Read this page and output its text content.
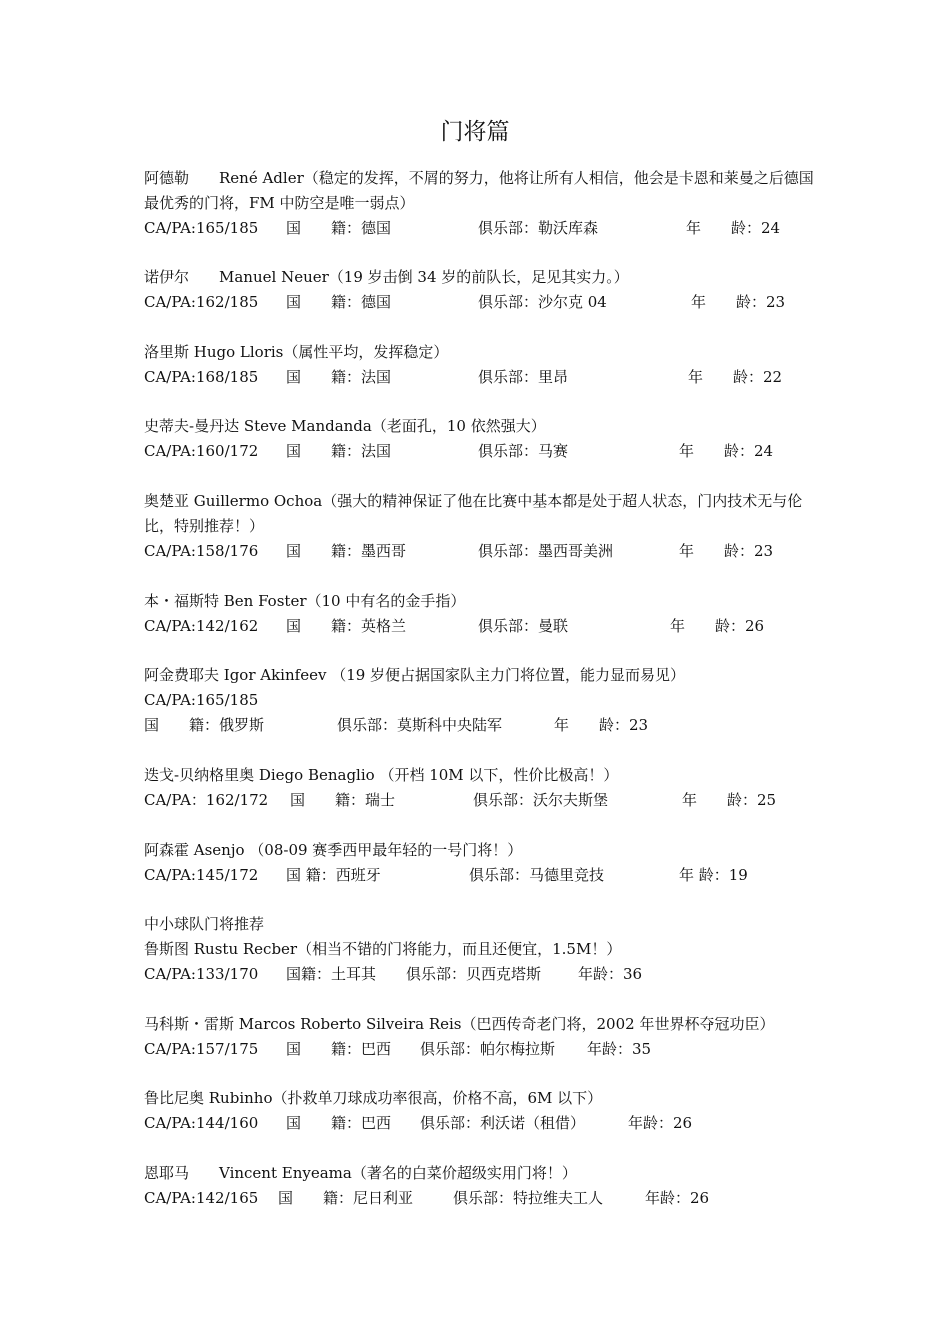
门将篇
阿德勒　　René Adler（稳定的发挥，不屑的努力，他将让所有人相信，他会是卡恩和莱曼之后德国最优秀的门将，FM 中防空是唯一弱点）
CA/PA:165/185 国　　籍：德国	俱乐部：勒沃库森	年　　龄：24
诺伊尔　　Manuel Neuer（19 岁击倒 34 岁的前队长，足见其实力。）
CA/PA:162/185 国　　籍：德国	俱乐部：沙尔克 04	年　　龄：23
洛里斯 Hugo Lloris（属性平均，发挥稳定）
CA/PA:168/185 国　　籍：法国	俱乐部：里昂	年　　龄：22
史蒂夫-曼丹达 Steve Mandanda（老面孔，10 依然强大）
CA/PA:160/172 国　　籍：法国	俱乐部：马赛	年　　龄：24
奥楚亚 Guillermo Ochoa（强大的精神保证了他在比赛中基本都是处于超人状态，门内技术无与伦比，特别推荐！）
CA/PA:158/176 国　　籍：墨西哥	俱乐部：墨西哥美洲	年　　龄：23
本・福斯特 Ben Foster（10 中有名的金手指）
CA/PA:142/162 国　　籍：英格兰	俱乐部：曼联	年　　龄：26
阿金费耶夫 Igor Akinfeev （19 岁便占据国家队主力门将位置，能力显而易见）
CA/PA:165/185
国　　籍：俄罗斯	俱乐部：莫斯科中央陆军	年　　龄：23
迭戈-贝纳格里奥 Diego Benaglio （开档 10M 以下，性价比极高！）
CA/PA：162/172 国　　籍：瑞士	俱乐部：沃尔夫斯堡	年　　龄：25
阿森霍 Asenjo （08-09 赛季西甲最年轻的一号门将！）
CA/PA:145/172 国 籍：西班牙	俱乐部：马德里竞技	年 龄：19
中小球队门将推荐
鲁斯图 Rustu Recber（相当不错的门将能力，而且还便宜，1.5M！）
CA/PA:133/170 国籍：土耳其 俱乐部：贝西克塔斯 年龄：36
马科斯・雷斯 Marcos Roberto Silveira Reis（巴西传奇老门将，2002 年世界杯夺冠功臣）
CA/PA:157/175 国　　籍：巴西 俱乐部：帕尔梅拉斯 年龄：35
鲁比尼奥 Rubinho（扑救单刀球成功率很高，价格不高，6M 以下）
CA/PA:144/160 国　　籍：巴西 俱乐部：利沃诺（租借）	年龄：26
恩耶马　　Vincent Enyeama（著名的白菜价超级实用门将！）
CA/PA:142/165 国　　籍：尼日利亚	俱乐部：特拉维夫工人	年龄：26
